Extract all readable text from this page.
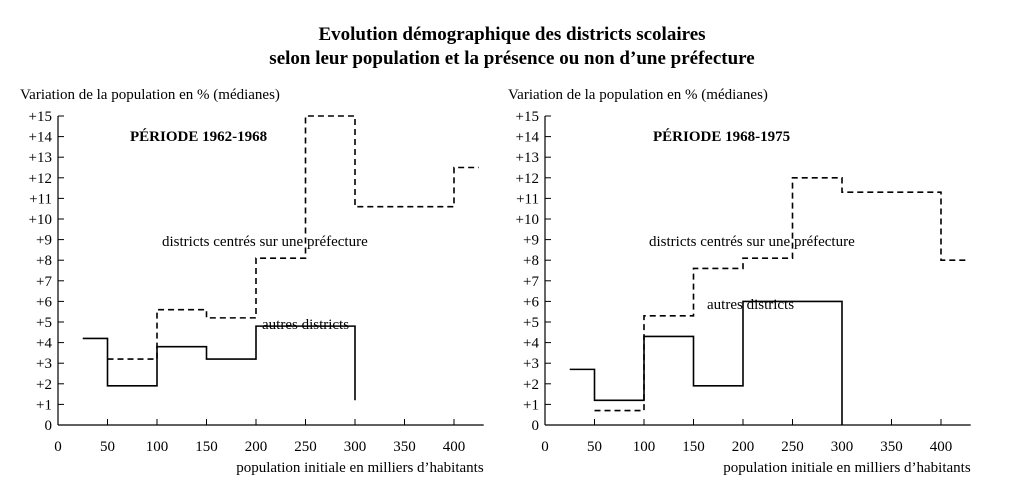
Evolution démographique des districts scolaires
selon leur population et la présence ou non d’une préfecture
0
+1
+2
+3
+4
+5
+6
+7
+8
+9
+10
+11
+12
+13
+14
+15
0	50 100 150 200 250 300 350 400
Variation de la population en % (médianes)
population initiale en milliers d’habitants
PÉRIODE 1962-1968
districts centrés sur une préfecture
autres districts
0
+1
+2
+3
+4
+5
+6
+7
+8
+9
+10
+11
+12
+13
+14
+15
0	50 100 150 200 250 300 350 400
Variation de la population en % (médianes)
population initiale en milliers d’habitants
PÉRIODE 1968-1975
districts centrés sur une préfecture
autres districts
